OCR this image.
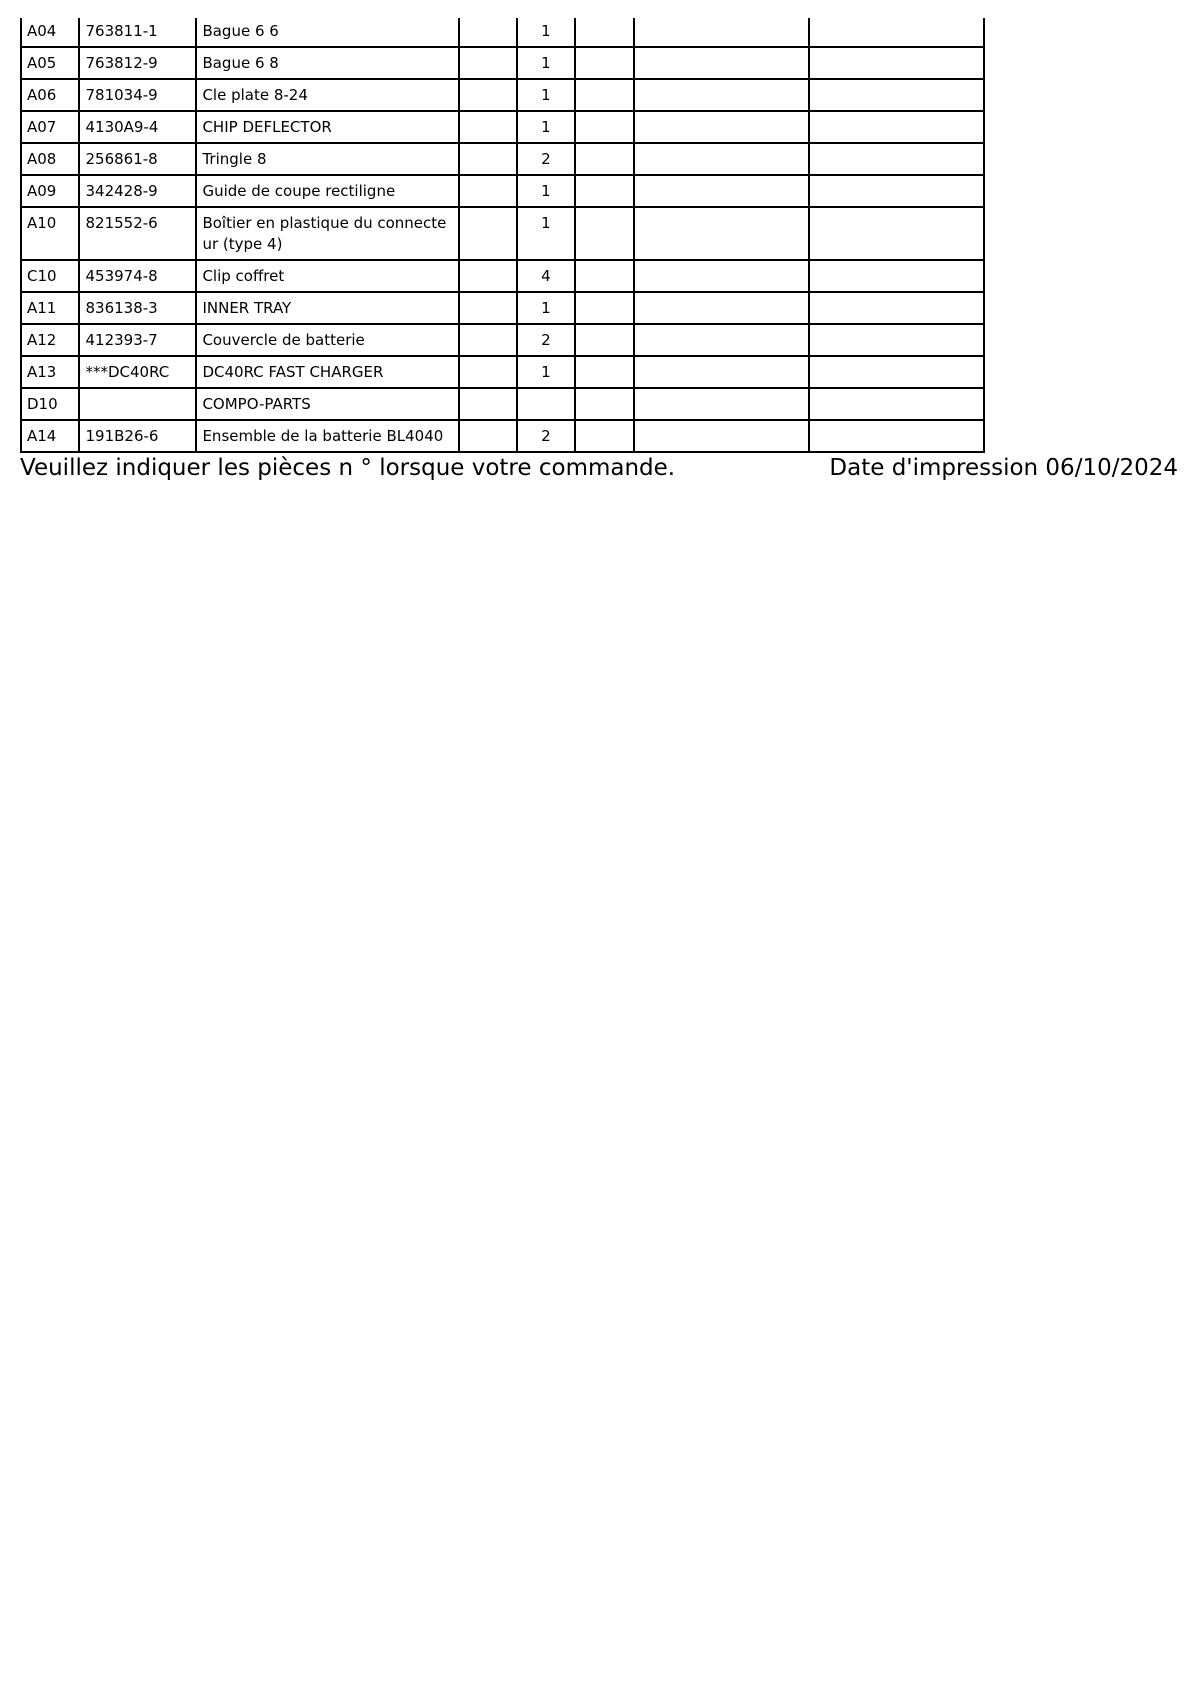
A04	763811-1	Bague 6 6		1			
A05	763812-9	Bague 6 8		1			
A06	781034-9	Cle plate 8-24		1			
A07	4130A9-4	CHIP DEFLECTOR		1			
A08	256861-8	Tringle 8		2			
A09	342428-9	Guide de coupe rectiligne		1			
A10	821552-6	Boîtier en plastique du connecteur (type 4)		1			
C10	453974-8	Clip coffret		4			
A11	836138-3	INNER TRAY		1			
A12	412393-7	Couvercle de batterie		2			
A13	***DC40RC	DC40RC FAST CHARGER		1			
D10		COMPO-PARTS					
A14	191B26-6	Ensemble de la batterie BL4040		2			
Veuillez indiquer les pièces n ° lorsque votre commande.	Date d'impression 06/10/2024
